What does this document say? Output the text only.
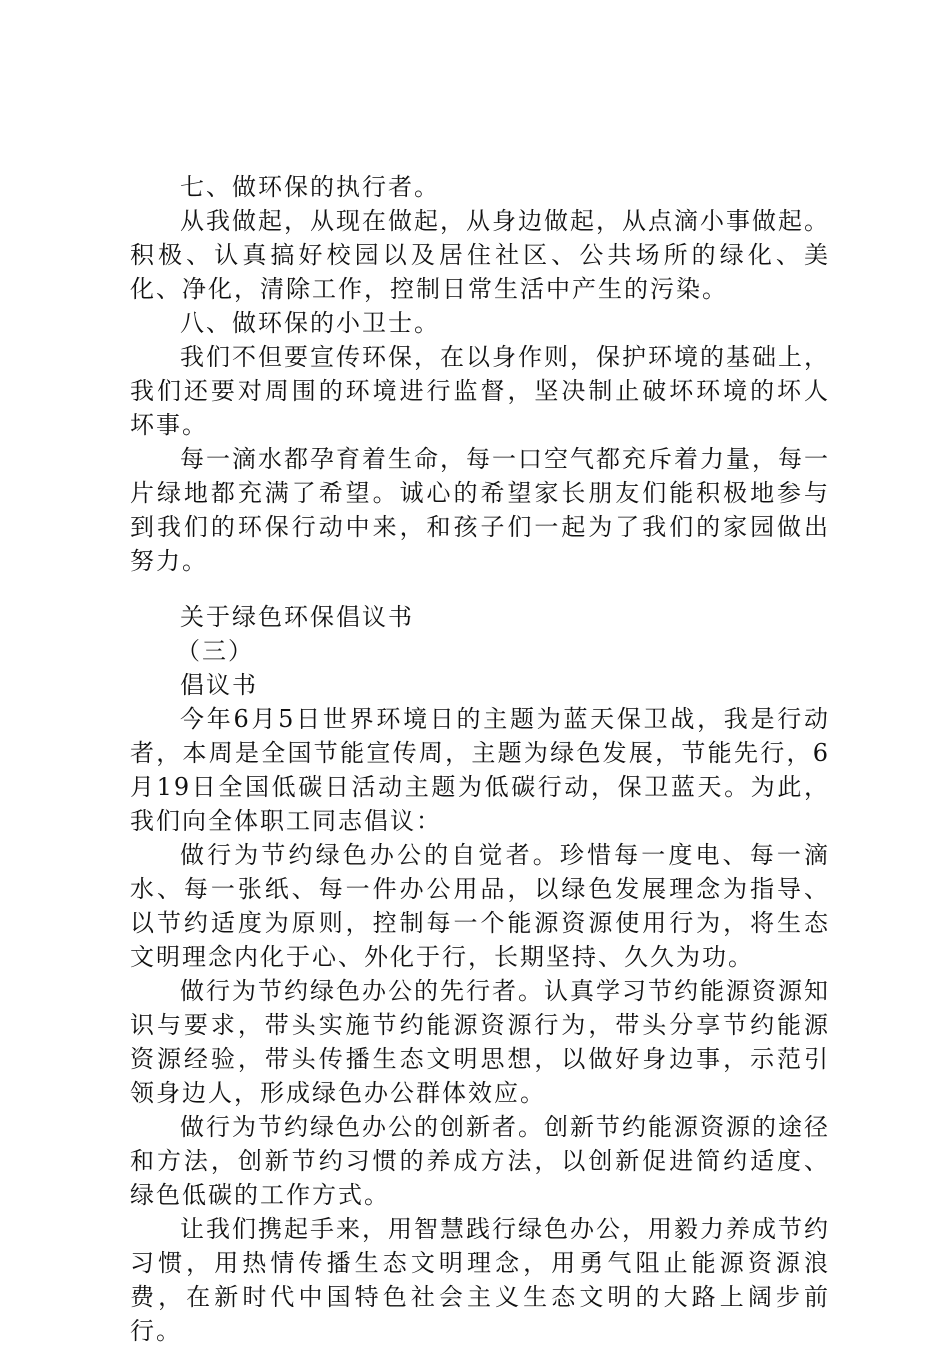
七、做环保的执行者。

从我做起，从现在做起，从身边做起，从点滴小事做起。积极、认真搞好校园以及居住社区、公共场所的绿化、美化、净化，清除工作，控制日常生活中产生的污染。

八、做环保的小卫士。

我们不但要宣传环保，在以身作则，保护环境的基础上，我们还要对周围的环境进行监督，坚决制止破坏环境的坏人坏事。

每一滴水都孕育着生命，每一口空气都充斥着力量，每一片绿地都充满了希望。诚心的希望家长朋友们能积极地参与到我们的环保行动中来，和孩子们一起为了我们的家园做出努力。

关于绿色环保倡议书

（三）

倡议书

今年6月5日世界环境日的主题为蓝天保卫战，我是行动者，本周是全国节能宣传周，主题为绿色发展，节能先行，6月19日全国低碳日活动主题为低碳行动，保卫蓝天。为此，我们向全体职工同志倡议：

做行为节约绿色办公的自觉者。珍惜每一度电、每一滴水、每一张纸、每一件办公用品，以绿色发展理念为指导、以节约适度为原则，控制每一个能源资源使用行为，将生态文明理念内化于心、外化于行，长期坚持、久久为功。

做行为节约绿色办公的先行者。认真学习节约能源资源知识与要求，带头实施节约能源资源行为，带头分享节约能源资源经验，带头传播生态文明思想，以做好身边事，示范引领身边人，形成绿色办公群体效应。

做行为节约绿色办公的创新者。创新节约能源资源的途径和方法，创新节约习惯的养成方法，以创新促进简约适度、绿色低碳的工作方式。

让我们携起手来，用智慧践行绿色办公，用毅力养成节约习惯，用热情传播生态文明理念，用勇气阻止能源资源浪费，在新时代中国特色社会主义生态文明的大路上阔步前行。
